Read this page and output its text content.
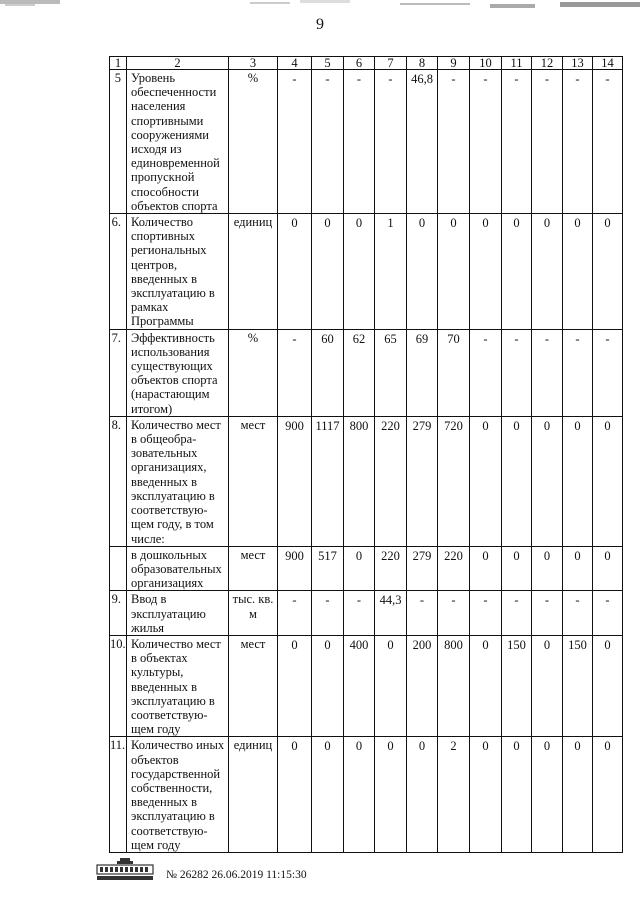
9
1	2	3	4	5	6	7	8	9	10	11	12	13	14
5	Уровень обеспеченности населения спортивными сооружениями исходя из единовременной пропускной способности объектов спорта	%	-	-	-	-	46,8	-	-	-	-	-	-
6.	Количество спортивных региональных центров, введенных в эксплуатацию в рамках Программы	единиц	0	0	0	1	0	0	0	0	0	0	0
7.	Эффективность использования существующих объектов спорта (нарастающим итогом)	%	-	60	62	65	69	70	-	-	-	-	-
8.	Количество мест в общеобра-зовательных организациях, введенных в эксплуатацию в соответствую-щем году, в том числе:	мест	900	1117	800	220	279	720	0	0	0	0	0
	в дошкольных образовательных организациях	мест	900	517	0	220	279	220	0	0	0	0	0
9.	Ввод в эксплуатацию жилья	тыс. кв. м	-	-	-	44,3	-	-	-	-	-	-	-
10.	Количество мест в объектах культуры, введенных в эксплуатацию в соответствую-щем году	мест	0	0	400	0	200	800	0	150	0	150	0
11.	Количество иных объектов государственной собственности, введенных в эксплуатацию в соответствую-щем году	единиц	0	0	0	0	0	2	0	0	0	0	0
№ 26282 26.06.2019 11:15:30
